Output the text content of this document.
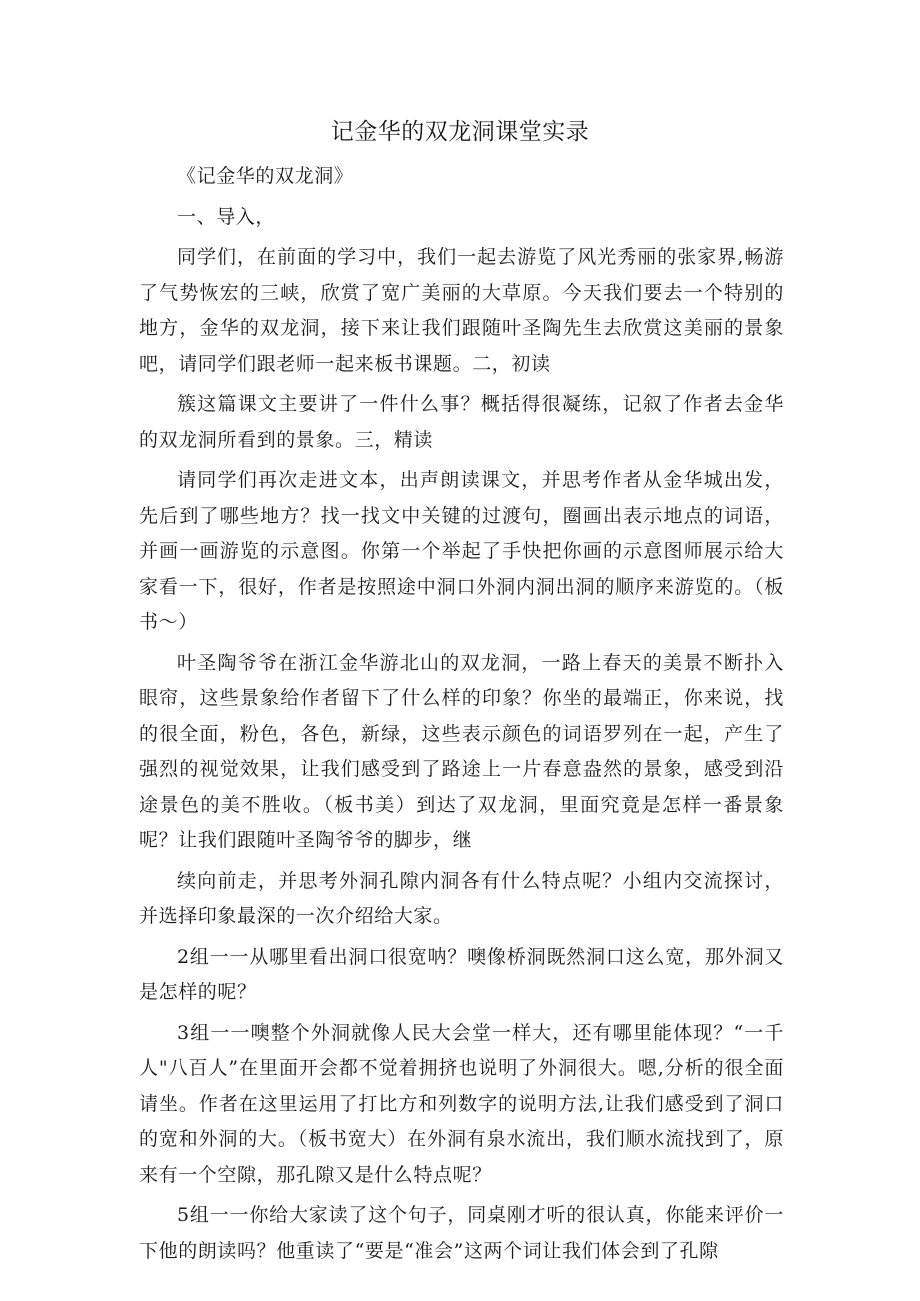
记金华的双龙洞课堂实录

《记金华的双龙洞》

一、导入，

同学们，在前面的学习中，我们一起去游览了风光秀丽的张家界,畅游了气势恢宏的三峡，欣赏了宽广美丽的大草原。今天我们要去一个特别的地方，金华的双龙洞，接下来让我们跟随叶圣陶先生去欣赏这美丽的景象吧，请同学们跟老师一起来板书课题。二，初读

簇这篇课文主要讲了一件什么事？概括得很凝练，记叙了作者去金华的双龙洞所看到的景象。三，精读

请同学们再次走进文本，出声朗读课文，并思考作者从金华城出发，先后到了哪些地方？找一找文中关键的过渡句，圈画出表示地点的词语，并画一画游览的示意图。你第一个举起了手快把你画的示意图师展示给大家看一下，很好，作者是按照途中洞口外洞内洞出洞的顺序来游览的。（板书～）

叶圣陶爷爷在浙江金华游北山的双龙洞，一路上春天的美景不断扑入眼帘，这些景象给作者留下了什么样的印象？你坐的最端正，你来说，找的很全面，粉色，各色，新绿，这些表示颜色的词语罗列在一起，产生了强烈的视觉效果，让我们感受到了路途上一片春意盎然的景象，感受到沿途景色的美不胜收。（板书美）到达了双龙洞，里面究竟是怎样一番景象呢？让我们跟随叶圣陶爷爷的脚步，继

续向前走，并思考外洞孔隙内洞各有什么特点呢？小组内交流探讨，并选择印象最深的一次介绍给大家。

2组一一从哪里看出洞口很宽呐？噢像桥洞既然洞口这么宽，那外洞又是怎样的呢？

3组一一噢整个外洞就像人民大会堂一样大，还有哪里能体现？“一千人"八百人”在里面开会都不觉着拥挤也说明了外洞很大。嗯,分析的很全面请坐。作者在这里运用了打比方和列数字的说明方法,让我们感受到了洞口的宽和外洞的大。（板书宽大）在外洞有泉水流出，我们顺水流找到了，原来有一个空隙，那孔隙又是什么特点呢？

5组一一你给大家读了这个句子，同桌刚才听的很认真，你能来评价一下他的朗读吗？他重读了“要是“准会”这两个词让我们体会到了孔隙
